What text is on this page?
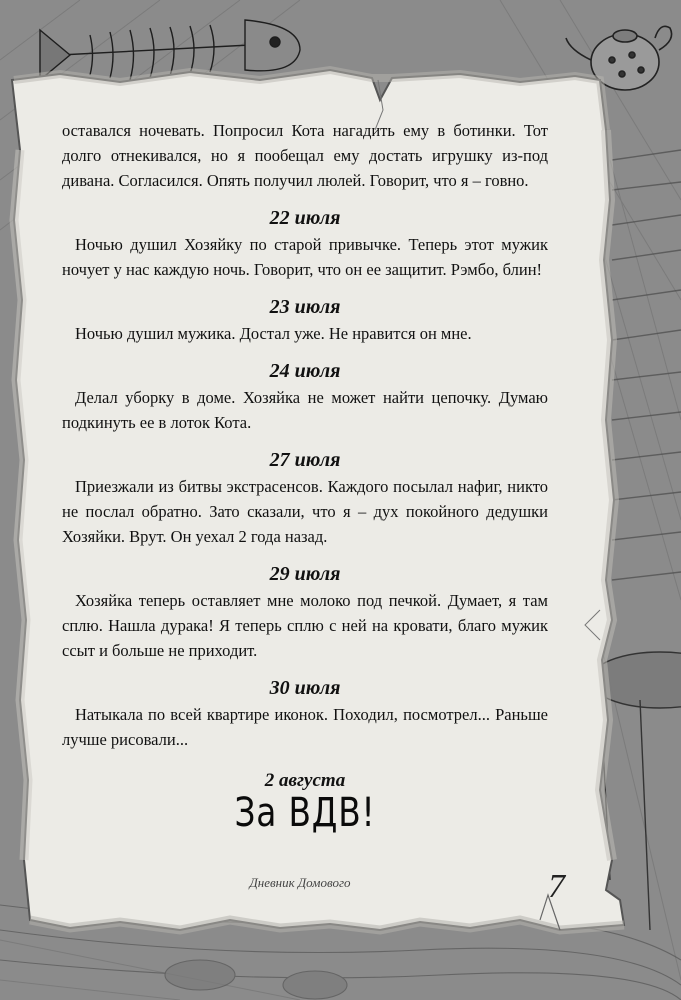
оставался ночевать. Попросил Кота нагадить ему в ботинки. Тот долго отнекивался, но я пообещал ему достать игрушку из-под дивана. Согласился. Опять получил люлей. Говорит, что я – говно.

22 июля

Ночью душил Хозяйку по старой привычке. Теперь этот мужик ночует у нас каждую ночь. Говорит, что он ее защитит. Рэмбо, блин!

23 июля

Ночью душил мужика. Достал уже. Не нравится он мне.

24 июля

Делал уборку в доме. Хозяйка не может найти цепочку. Думаю подкинуть ее в лоток Кота.

27 июля

Приезжали из битвы экстрасенсов. Каждого посылал нафиг, никто не послал обратно. Зато сказали, что я – дух покойного дедушки Хозяйки. Врут. Он уехал 2 года назад.

29 июля

Хозяйка теперь оставляет мне молоко под печкой. Думает, я там сплю. Нашла дурака! Я теперь сплю с ней на кровати, благо мужик ссыт и больше не приходит.

30 июля

Натыкала по всей квартире иконок. Походил, посмотрел... Раньше лучше рисовали...

2 августа
За ВДВ!
Дневник Домового	7
